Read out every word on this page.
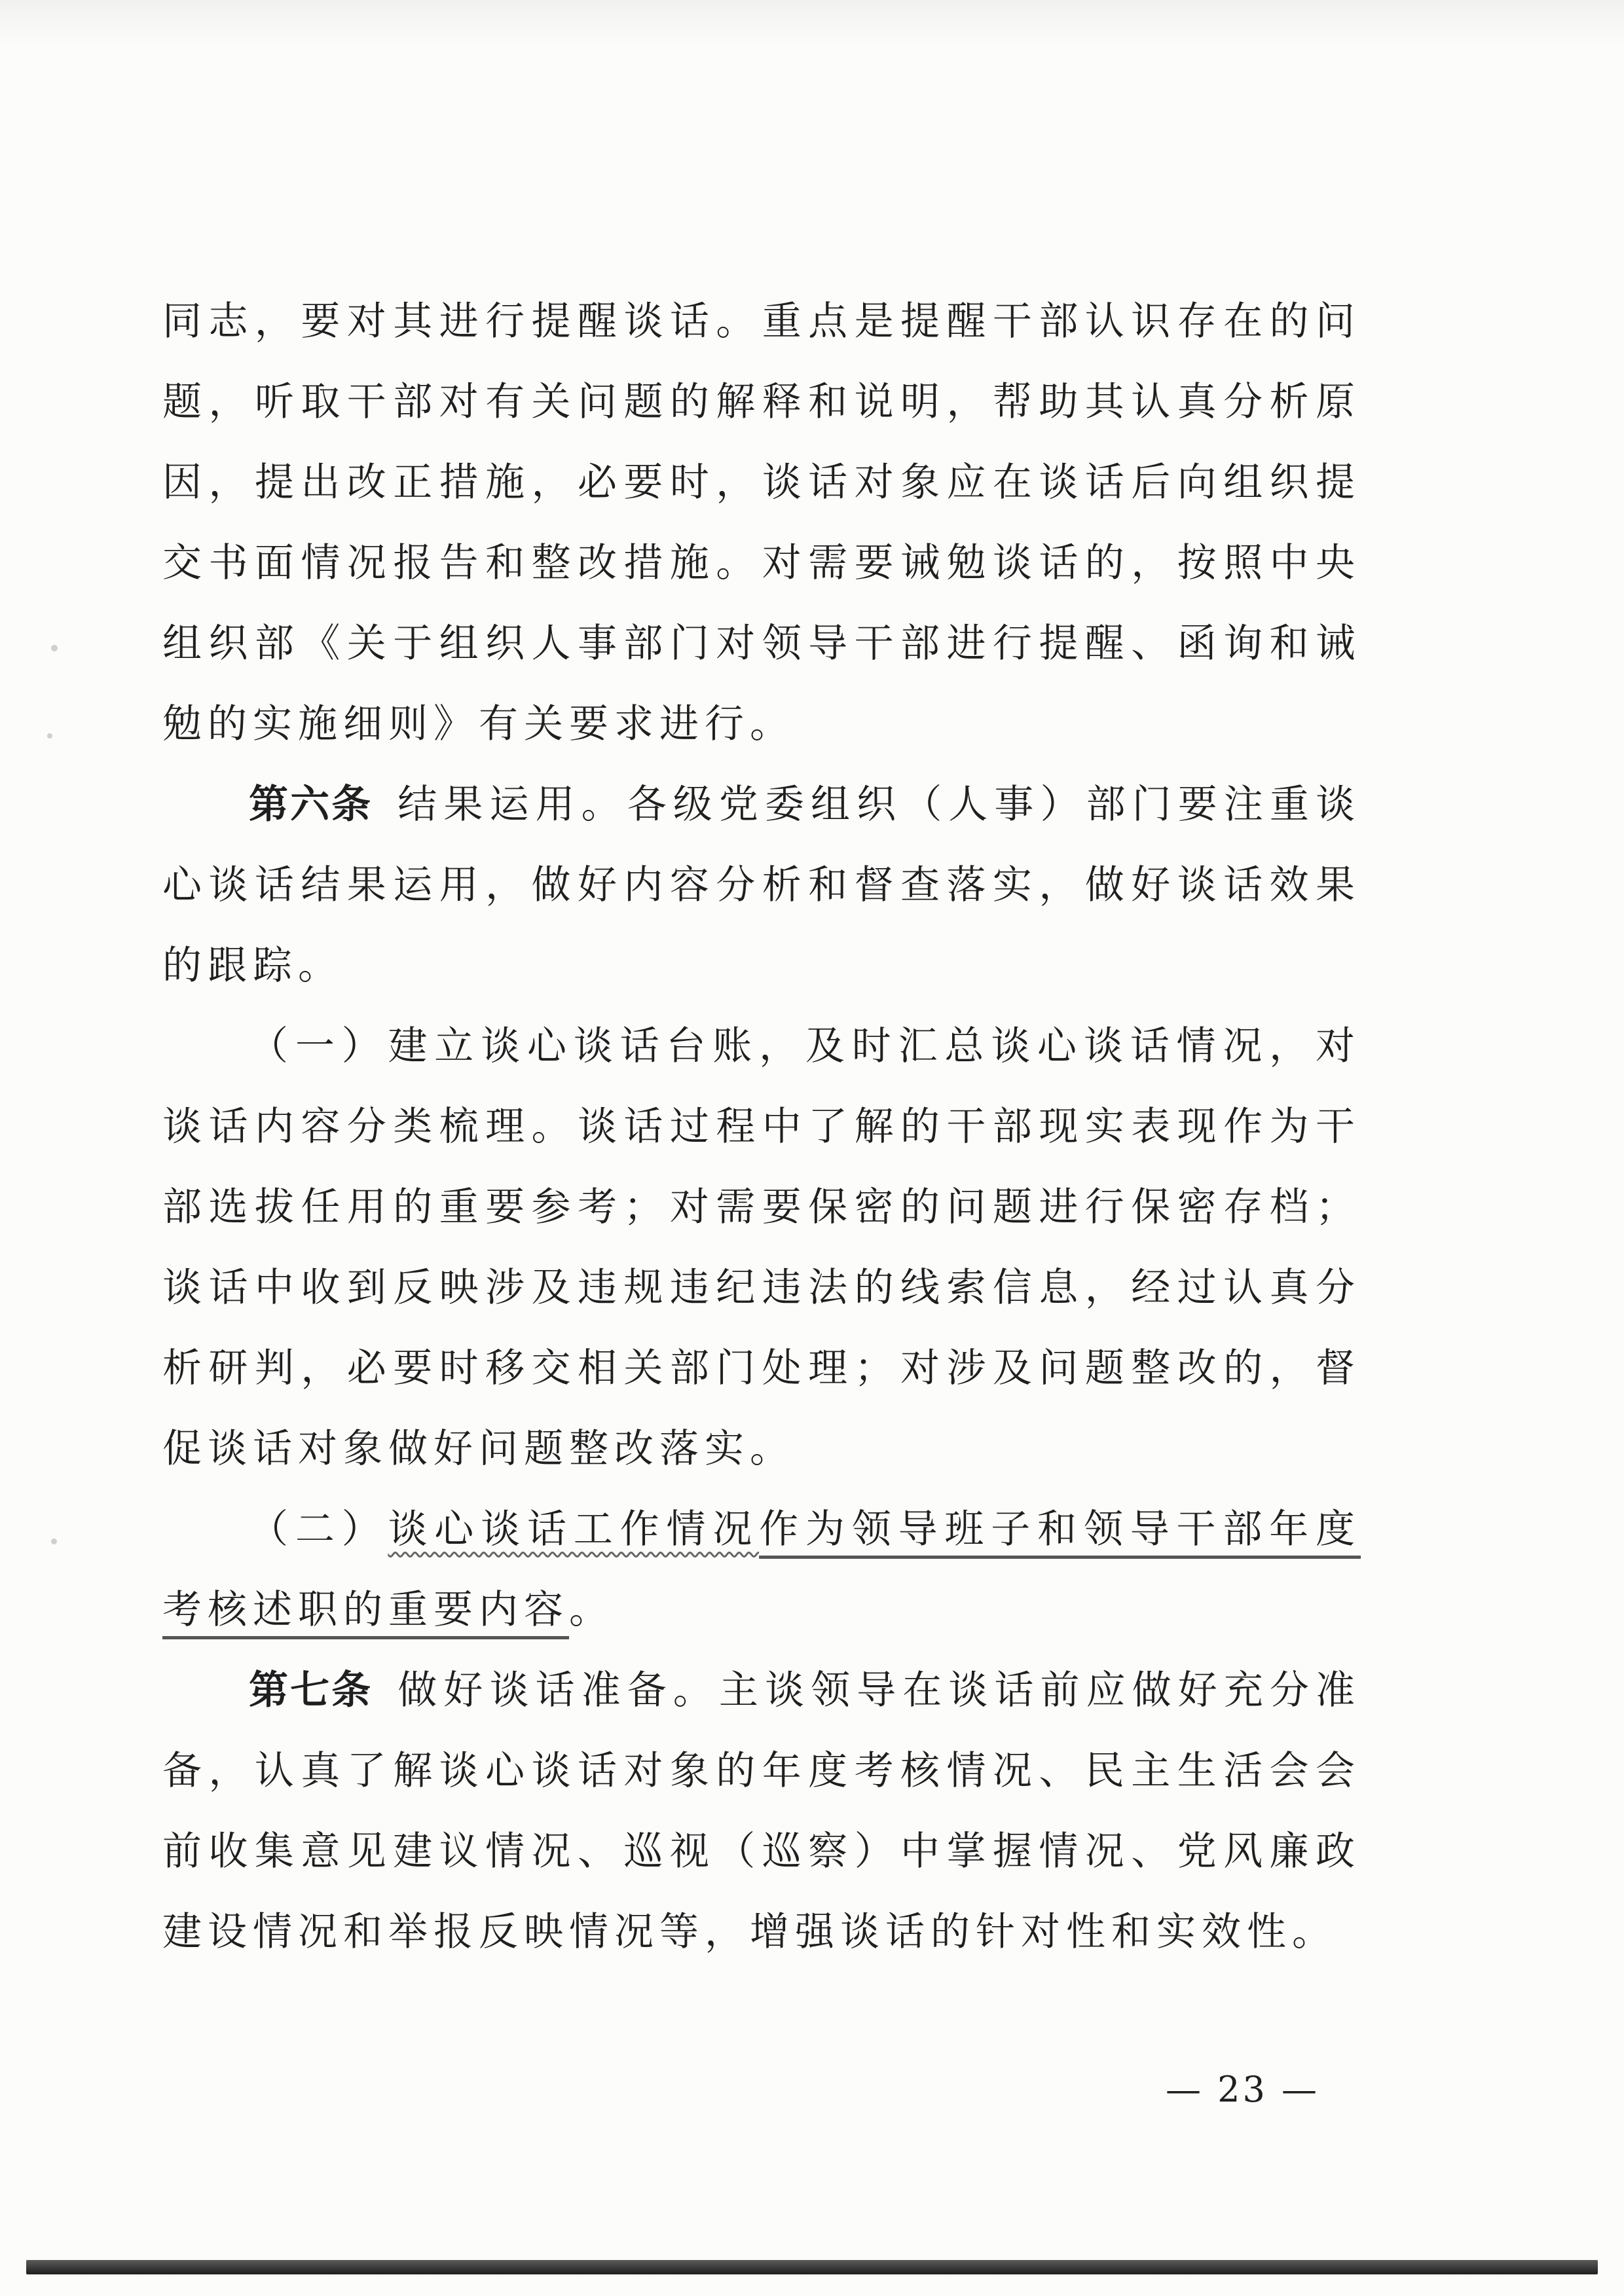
同志，要对其进行提醒谈话。重点是提醒干部认识存在的问题，听取干部对有关问题的解释和说明，帮助其认真分析原因，提出改正措施，必要时，谈话对象应在谈话后向组织提交书面情况报告和整改措施。对需要诫勉谈话的，按照中央组织部《关于组织人事部门对领导干部进行提醒、函询和诫勉的实施细则》有关要求进行。

第六条 结果运用。各级党委组织（人事）部门要注重谈心谈话结果运用，做好内容分析和督查落实，做好谈话效果的跟踪。

（一）建立谈心谈话台账，及时汇总谈心谈话情况，对谈话内容分类梳理。谈话过程中了解的干部现实表现作为干部选拔任用的重要参考；对需要保密的问题进行保密存档；谈话中收到反映涉及违规违纪违法的线索信息，经过认真分析研判，必要时移交相关部门处理；对涉及问题整改的，督促谈话对象做好问题整改落实。

（二）谈心谈话工作情况作为领导班子和领导干部年度考核述职的重要内容。

第七条 做好谈话准备。主谈领导在谈话前应做好充分准备，认真了解谈心谈话对象的年度考核情况、民主生活会会前收集意见建议情况、巡视（巡察）中掌握情况、党风廉政建设情况和举报反映情况等，增强谈话的针对性和实效性。

— 23 —
